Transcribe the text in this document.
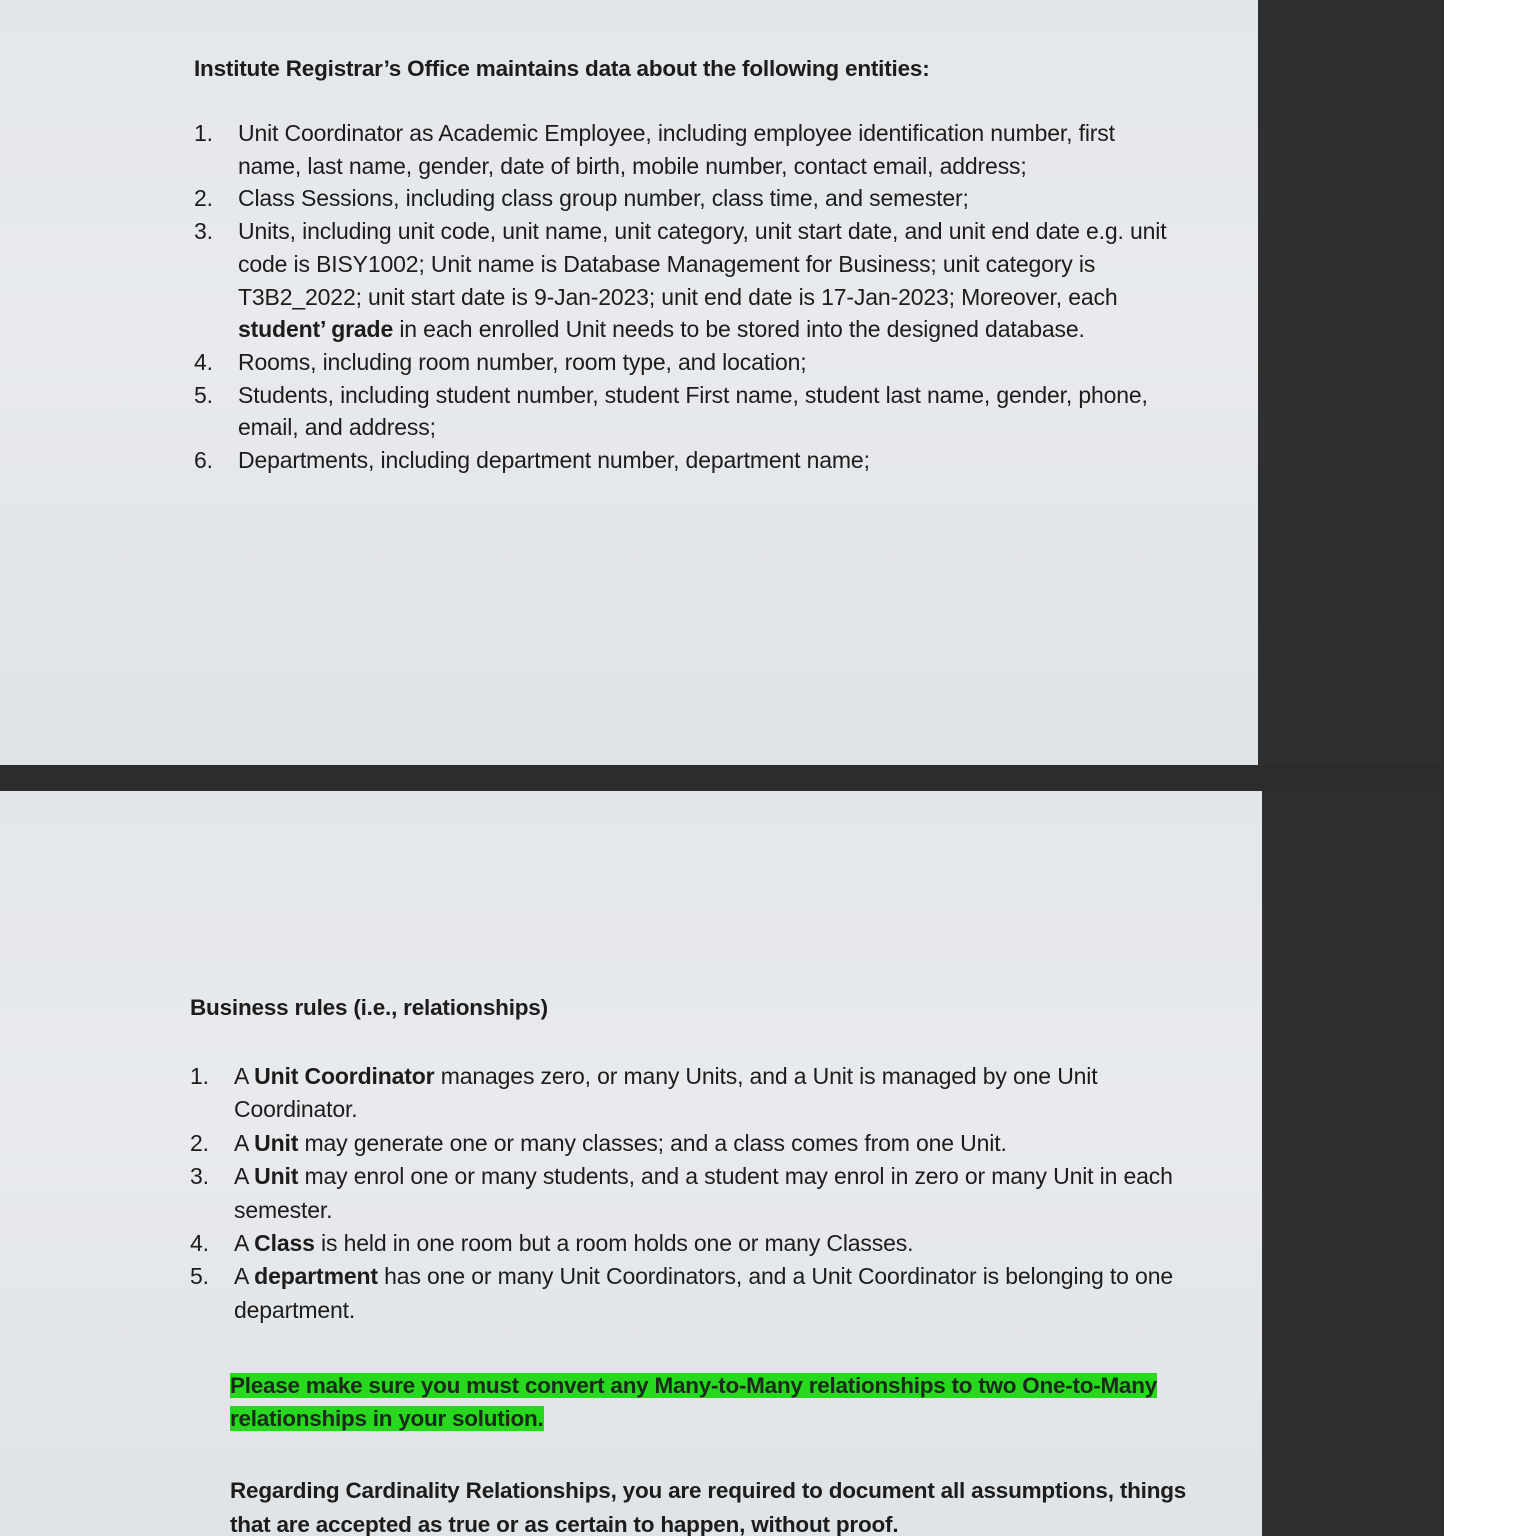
Institute Registrar’s Office maintains data about the following entities:
1. Unit Coordinator as Academic Employee, including employee identification number, first name, last name, gender, date of birth, mobile number, contact email, address;
2. Class Sessions, including class group number, class time, and semester;
3. Units, including unit code, unit name, unit category, unit start date, and unit end date e.g. unit code is BISY1002; Unit name is Database Management for Business; unit category is T3B2_2022; unit start date is 9-Jan-2023; unit end date is 17-Jan-2023; Moreover, each student’ grade in each enrolled Unit needs to be stored into the designed database.
4. Rooms, including room number, room type, and location;
5. Students, including student number, student First name, student last name, gender, phone, email, and address;
6. Departments, including department number, department name;
Business rules (i.e., relationships)
1. A Unit Coordinator manages zero, or many Units, and a Unit is managed by one Unit Coordinator.
2. A Unit may generate one or many classes; and a class comes from one Unit.
3. A Unit may enrol one or many students, and a student may enrol in zero or many Unit in each semester.
4. A Class is held in one room but a room holds one or many Classes.
5. A department has one or many Unit Coordinators, and a Unit Coordinator is belonging to one department.
Please make sure you must convert any Many-to-Many relationships to two One-to-Many relationships in your solution.

Regarding Cardinality Relationships, you are required to document all assumptions, things that are accepted as true or as certain to happen, without proof.
